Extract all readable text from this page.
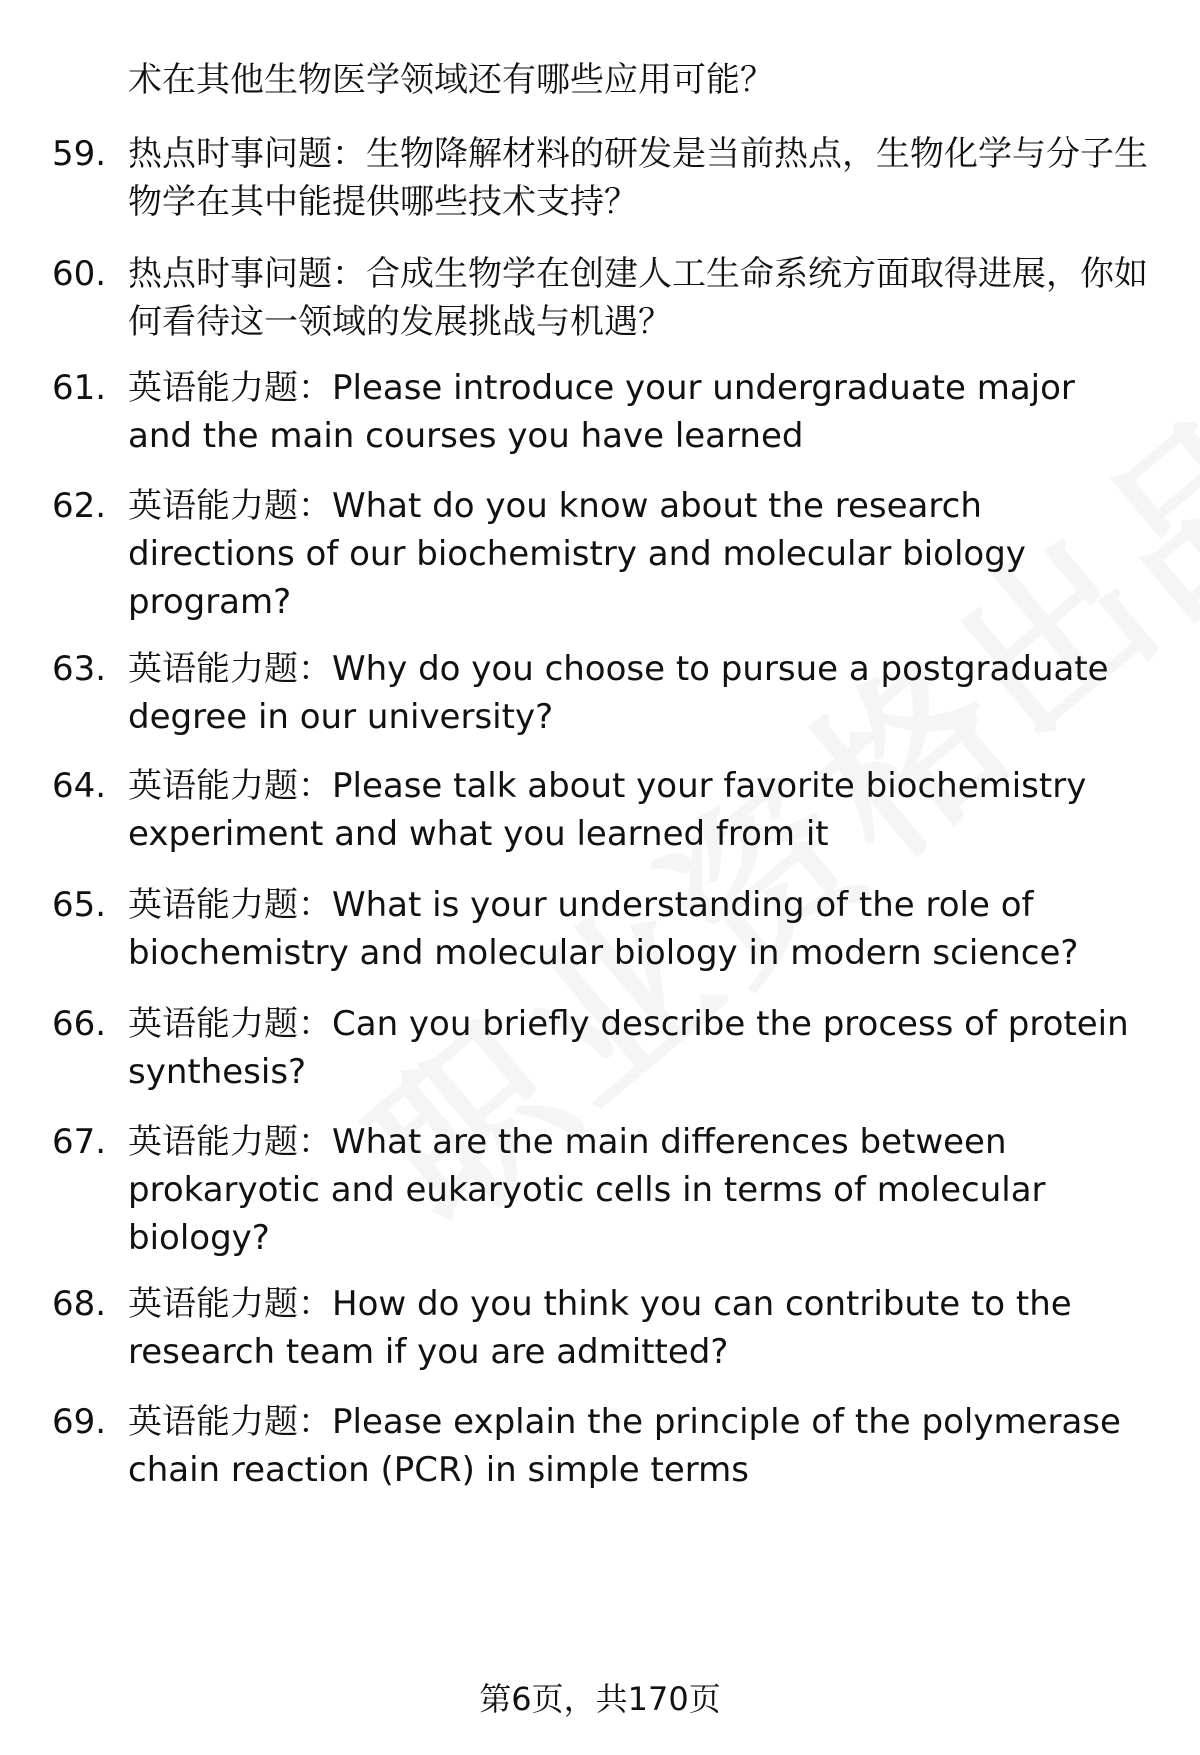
术在其他生物医学领域还有哪些应用可能？
59. 热点时事问题：生物降解材料的研发是当前热点，生物化学与分子生物学在其中能提供哪些技术支持？
60. 热点时事问题：合成生物学在创建人工生命系统方面取得进展，你如何看待这一领域的发展挑战与机遇？
61. 英语能力题：Please introduce your undergraduate major and the main courses you have learned
62. 英语能力题：What do you know about the research directions of our biochemistry and molecular biology program?
63. 英语能力题：Why do you choose to pursue a postgraduate degree in our university?
64. 英语能力题：Please talk about your favorite biochemistry experiment and what you learned from it
65. 英语能力题：What is your understanding of the role of biochemistry and molecular biology in modern science?
66. 英语能力题：Can you briefly describe the process of protein synthesis?
67. 英语能力题：What are the main differences between prokaryotic and eukaryotic cells in terms of molecular biology?
68. 英语能力题：How do you think you can contribute to the research team if you are admitted?
69. 英语能力题：Please explain the principle of the polymerase chain reaction (PCR) in simple terms
第6页，共170页
